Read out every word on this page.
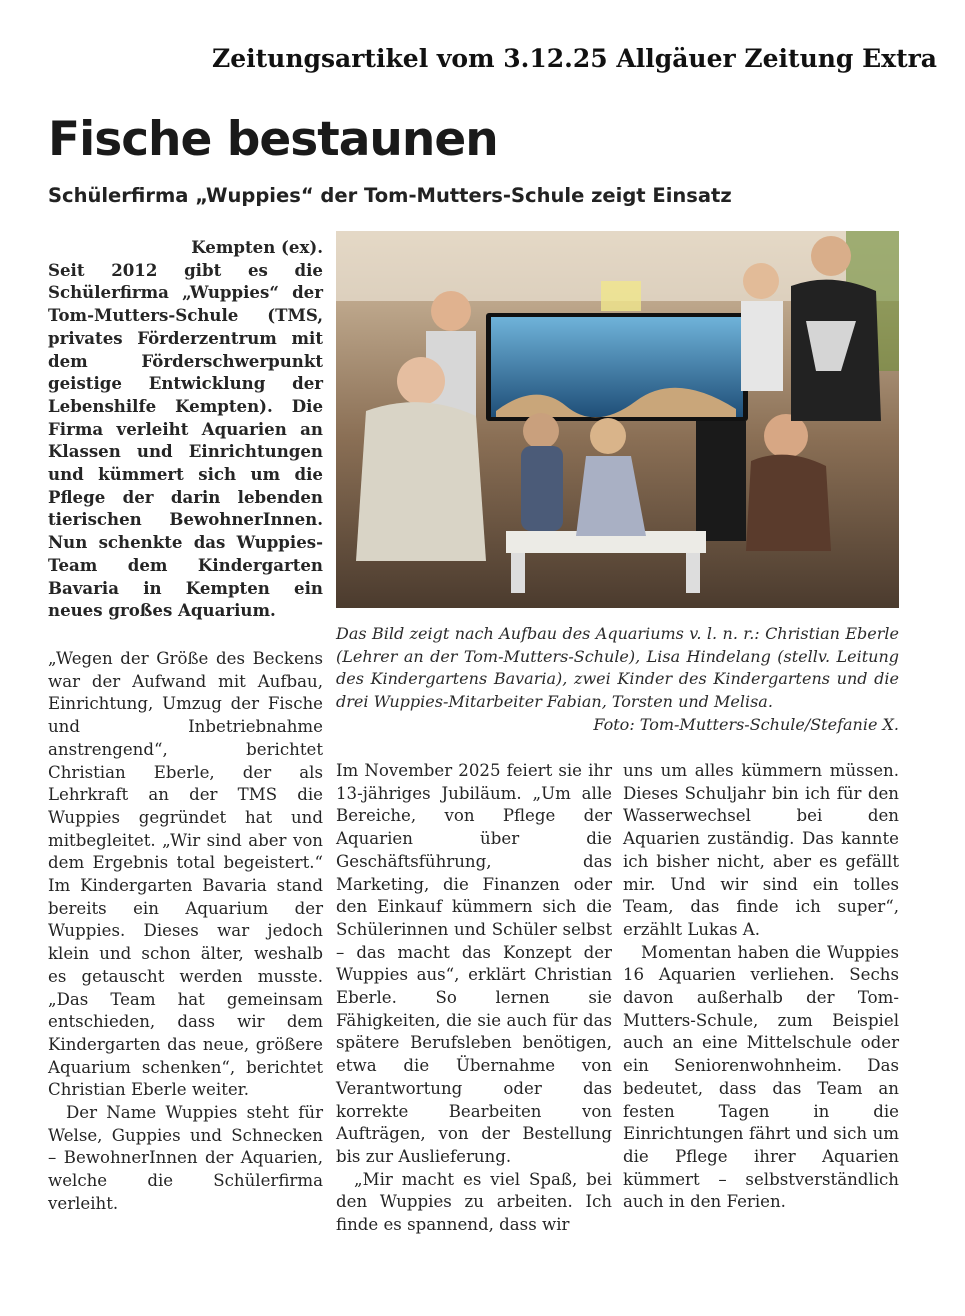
Zeitungsartikel vom 3.12.25 Allgäuer Zeitung Extra
Fische bestaunen
Schülerfirma „Wuppies“ der Tom-Mutters-Schule zeigt Einsatz
Kempten (ex).

Seit 2012 gibt es die Schülerfirma „Wuppies“ der Tom-Mutters-Schule (TMS, privates Förderzentrum mit dem Förderschwerpunkt geistige Entwicklung der Lebenshilfe Kempten). Die Firma verleiht Aquarien an Klassen und Einrichtungen und kümmert sich um die Pflege der darin lebenden tierischen BewohnerInnen. Nun schenkte das Wuppies-Team dem Kindergarten Bavaria in Kempten ein neues großes Aquarium.

Das Bild zeigt nach Aufbau des Aquariums v. l. n. r.: Christian Eberle (Lehrer an der Tom-Mutters-Schule), Lisa Hindelang (stellv. Leitung des Kindergartens Bavaria), zwei Kinder des Kindergartens und die drei Wuppies-Mitarbeiter Fabian, Torsten und Melisa.
Foto: Tom-Mutters-Schule/Stefanie X.

„Wegen der Größe des Beckens war der Aufwand mit Aufbau, Einrichtung, Umzug der Fische und Inbetriebnahme anstrengend“, berichtet Christian Eberle, der als Lehrkraft an der TMS die Wuppies gegründet hat und mitbegleitet. „Wir sind aber von dem Ergebnis total begeistert.“ Im Kindergarten Bavaria stand bereits ein Aquarium der Wuppies. Dieses war jedoch klein und schon älter, weshalb es getauscht werden musste. „Das Team hat gemeinsam entschieden, dass wir dem Kindergarten das neue, größere Aquarium schenken“, berichtet Christian Eberle weiter.

Der Name Wuppies steht für Welse, Guppies und Schnecken – BewohnerInnen der Aquarien, welche die Schülerfirma verleiht.

Im November 2025 feiert sie ihr 13-jähriges Jubiläum. „Um alle Bereiche, von Pflege der Aquarien über die Geschäftsführung, das Marketing, die Finanzen oder den Einkauf kümmern sich die Schülerinnen und Schüler selbst – das macht das Konzept der Wuppies aus“, erklärt Christian Eberle. So lernen sie Fähigkeiten, die sie auch für das spätere Berufsleben benötigen, etwa die Übernahme von Verantwortung oder das korrekte Bearbeiten von Aufträgen, von der Bestellung bis zur Auslieferung.

„Mir macht es viel Spaß, bei den Wuppies zu arbeiten. Ich finde es spannend, dass wir

uns um alles kümmern müssen. Dieses Schuljahr bin ich für den Wasserwechsel bei den Aquarien zuständig. Das kannte ich bisher nicht, aber es gefällt mir. Und wir sind ein tolles Team, das finde ich super“, erzählt Lukas A.

Momentan haben die Wuppies 16 Aquarien verliehen. Sechs davon außerhalb der Tom-Mutters-Schule, zum Beispiel auch an eine Mittelschule oder ein Seniorenwohnheim. Das bedeutet, dass das Team an festen Tagen in die Einrichtungen fährt und sich um die Pflege ihrer Aquarien kümmert – selbstverständlich auch in den Ferien.
